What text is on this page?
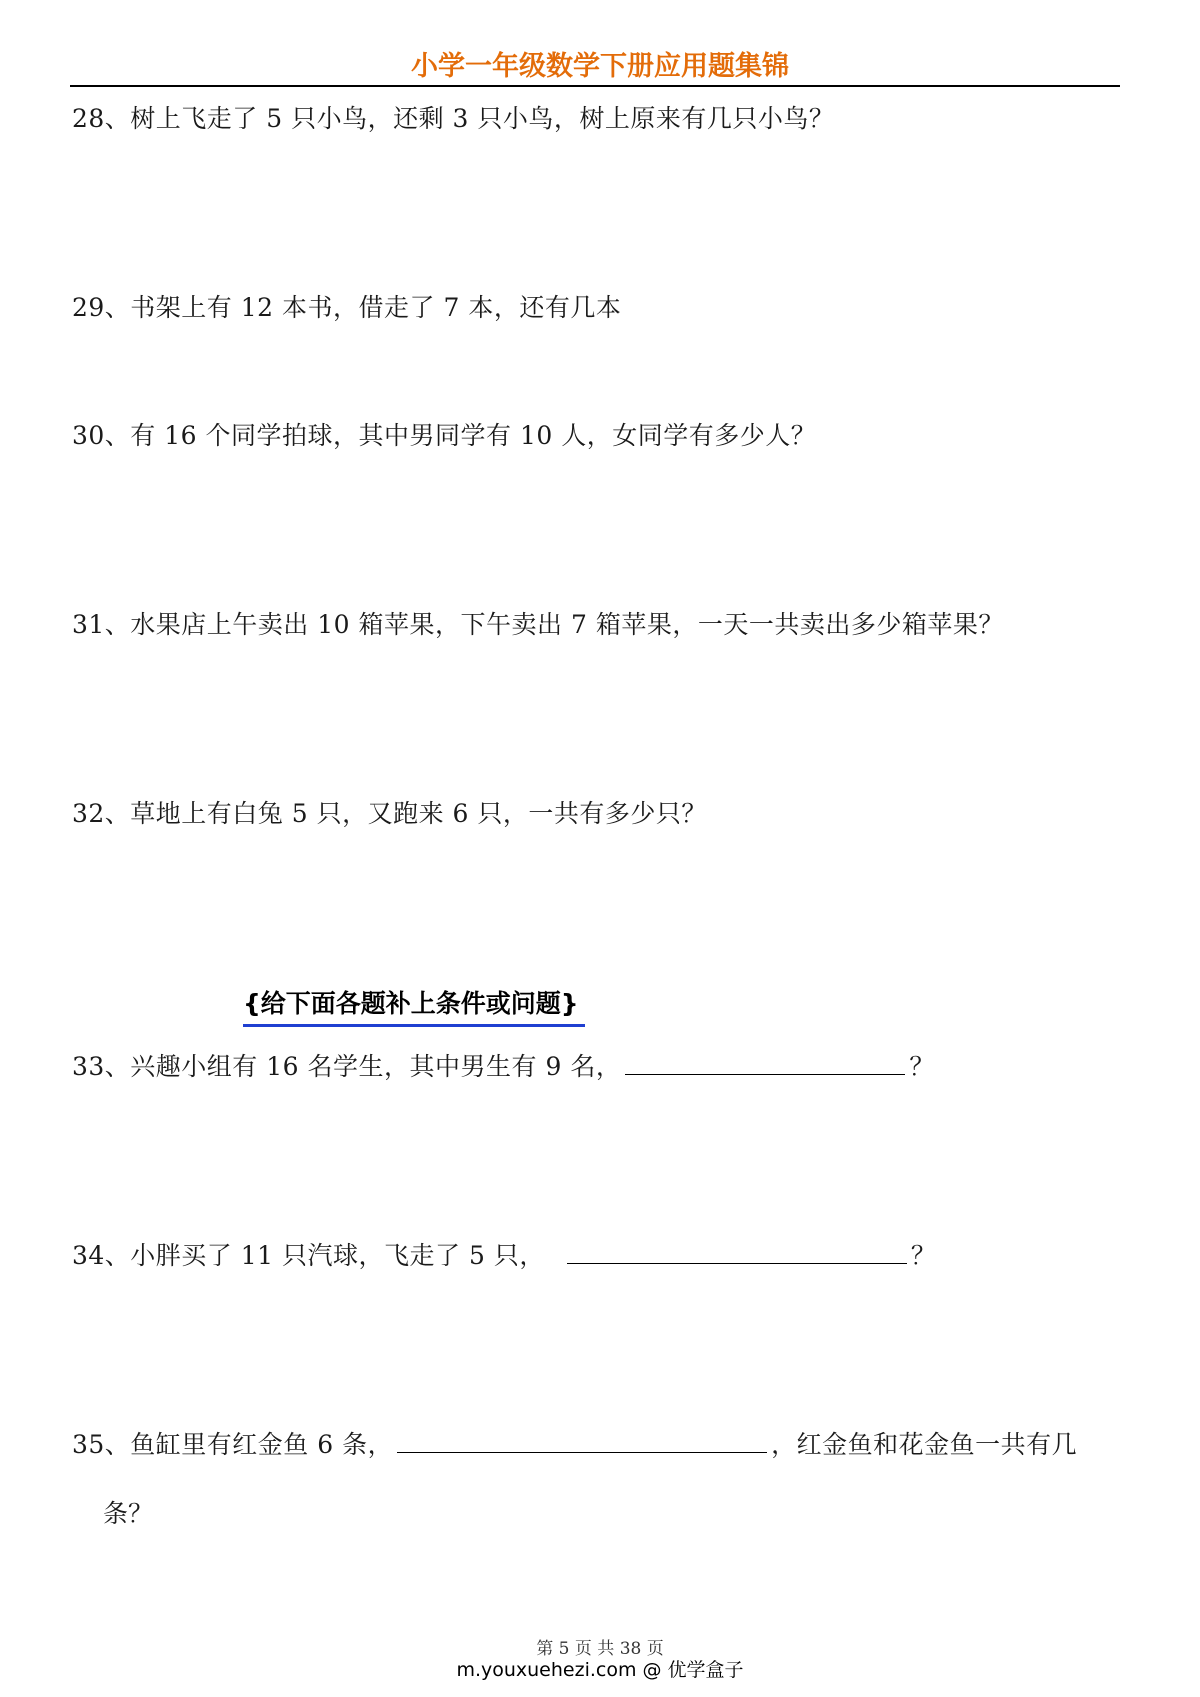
小学一年级数学下册应用题集锦
28、树上飞走了 5 只小鸟，还剩 3 只小鸟，树上原来有几只小鸟？
29、书架上有 12 本书，借走了 7 本，还有几本
30、有 16 个同学拍球，其中男同学有 10 人，女同学有多少人？
31、水果店上午卖出 10 箱苹果，下午卖出 7 箱苹果，一天一共卖出多少箱苹果？
32、草地上有白兔 5 只，又跑来 6 只，一共有多少只？
{给下面各题补上条件或问题}
33、兴趣小组有 16 名学生，其中男生有 9 名，	？
34、小胖买了 11 只汽球，飞走了 5 只，	？
35、鱼缸里有红金鱼 6 条，	，红金鱼和花金鱼一共有几
条？
第 5 页 共 38 页
m.youxuehezi.com @ 优学盒子
